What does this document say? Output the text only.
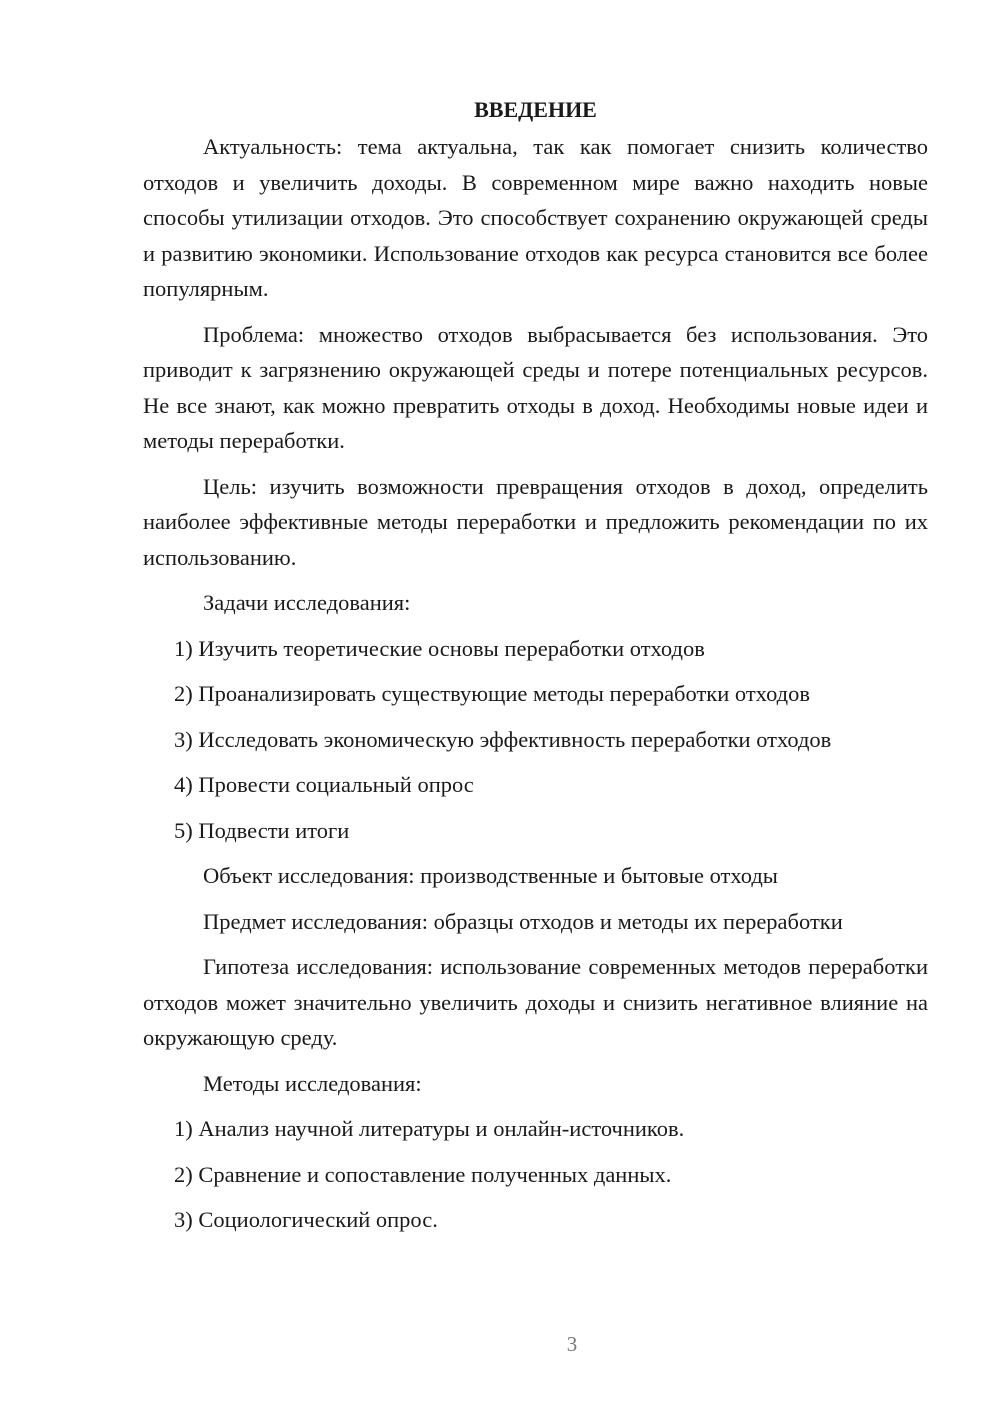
ВВЕДЕНИЕ

Актуальность: тема актуальна, так как помогает снизить количество отходов и увеличить доходы. В современном мире важно находить новые способы утилизации отходов. Это способствует сохранению окружающей среды и развитию экономики. Использование отходов как ресурса становится все более популярным.

Проблема: множество отходов выбрасывается без использования. Это приводит к загрязнению окружающей среды и потере потенциальных ресурсов. Не все знают, как можно превратить отходы в доход. Необходимы новые идеи и методы переработки.

Цель: изучить возможности превращения отходов в доход, определить наиболее эффективные методы переработки и предложить рекомендации по их использованию.

Задачи исследования:
1) Изучить теоретические основы переработки отходов
2) Проанализировать существующие методы переработки отходов
3) Исследовать экономическую эффективность переработки отходов
4) Провести социальный опрос
5) Подвести итоги
Объект исследования: производственные и бытовые отходы
Предмет исследования: образцы отходов и методы их переработки

Гипотеза исследования: использование современных методов переработки отходов может значительно увеличить доходы и снизить негативное влияние на окружающую среду.

Методы исследования:
1) Анализ научной литературы и онлайн-источников.
2) Сравнение и сопоставление полученных данных.
3) Социологический опрос.
3
